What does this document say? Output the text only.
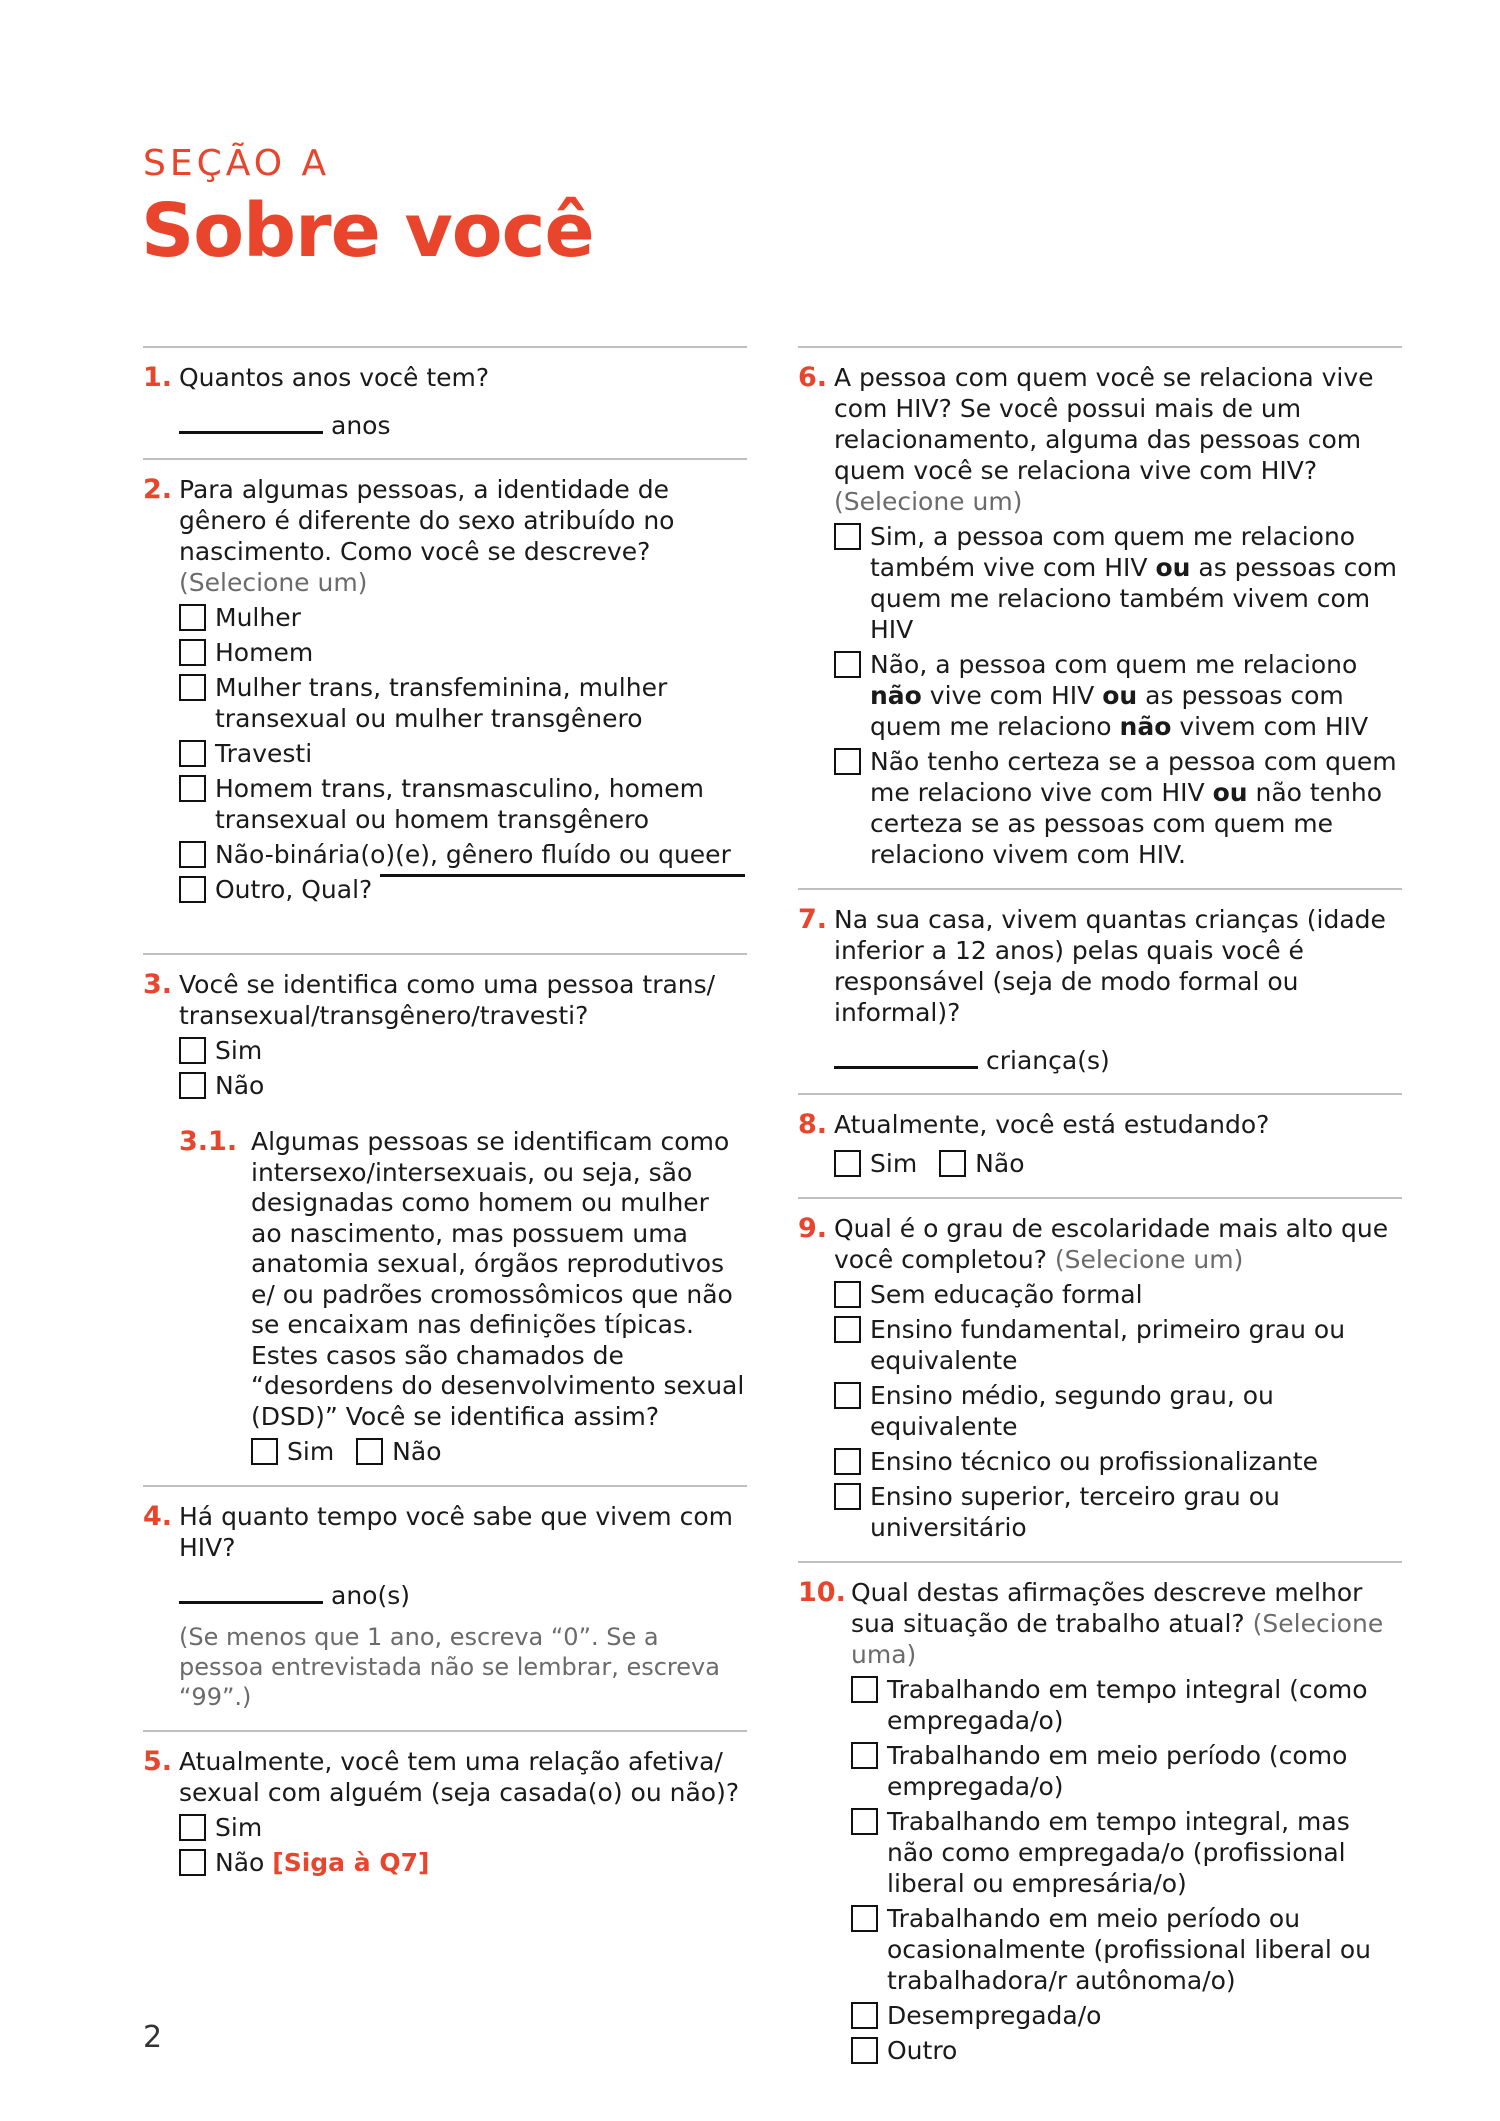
SEÇÃO A
Sobre você
1. Quantos anos você tem?
anos
2. Para algumas pessoas, a identidade de gênero é diferente do sexo atribuído no nascimento. Como você se descreve? (Selecione um)
Mulher
Homem
Mulher trans, transfeminina, mulher transexual ou mulher transgênero
Travesti
Homem trans, transmasculino, homem transexual ou homem transgênero
Não-binária(o)(e), gênero fluído ou queer
Outro, Qual?
3. Você se identifica como uma pessoa trans/ transexual/transgênero/travesti?
Sim
Não
3.1. Algumas pessoas se identificam como intersexo/intersexuais, ou seja, são designadas como homem ou mulher ao nascimento, mas possuem uma anatomia sexual, órgãos reprodutivos e/ ou padrões cromossômicos que não se encaixam nas definições típicas. Estes casos são chamados de “desordens do desenvolvimento sexual (DSD)” Você se identifica assim?
Sim Não
4. Há quanto tempo você sabe que vivem com HIV?
ano(s)
(Se menos que 1 ano, escreva “0”. Se a pessoa entrevistada não se lembrar, escreva “99”.)
5. Atualmente, você tem uma relação afetiva/ sexual com alguém (seja casada(o) ou não)?
Sim
Não
[Siga à Q7]
6. A pessoa com quem você se relaciona vive com HIV? Se você possui mais de um relacionamento, alguma das pessoas com quem você se relaciona vive com HIV? (Selecione um)
Sim, a pessoa com quem me relaciono também vive com HIV ou as pessoas com quem me relaciono também vivem com HIV
Não, a pessoa com quem me relaciono não vive com HIV ou as pessoas com quem me relaciono não vivem com HIV
Não tenho certeza se a pessoa com quem me relaciono vive com HIV ou não tenho certeza se as pessoas com quem me relaciono vivem com HIV.
7. Na sua casa, vivem quantas crianças (idade inferior a 12 anos) pelas quais você é responsável (seja de modo formal ou informal)?
criança(s)
8. Atualmente, você está estudando?
Sim Não
9. Qual é o grau de escolaridade mais alto que você completou? (Selecione um)
Sem educação formal
Ensino fundamental, primeiro grau ou equivalente
Ensino médio, segundo grau, ou equivalente
Ensino técnico ou profissionalizante
Ensino superior, terceiro grau ou universitário
10. Qual destas afirmações descreve melhor sua situação de trabalho atual? (Selecione uma)
Trabalhando em tempo integral (como empregada/o)
Trabalhando em meio período (como empregada/o)
Trabalhando em tempo integral, mas não como empregada/o (profissional liberal ou empresária/o)
Trabalhando em meio período ou ocasionalmente (profissional liberal ou trabalhadora/r autônoma/o)
Desempregada/o
Outro
2
